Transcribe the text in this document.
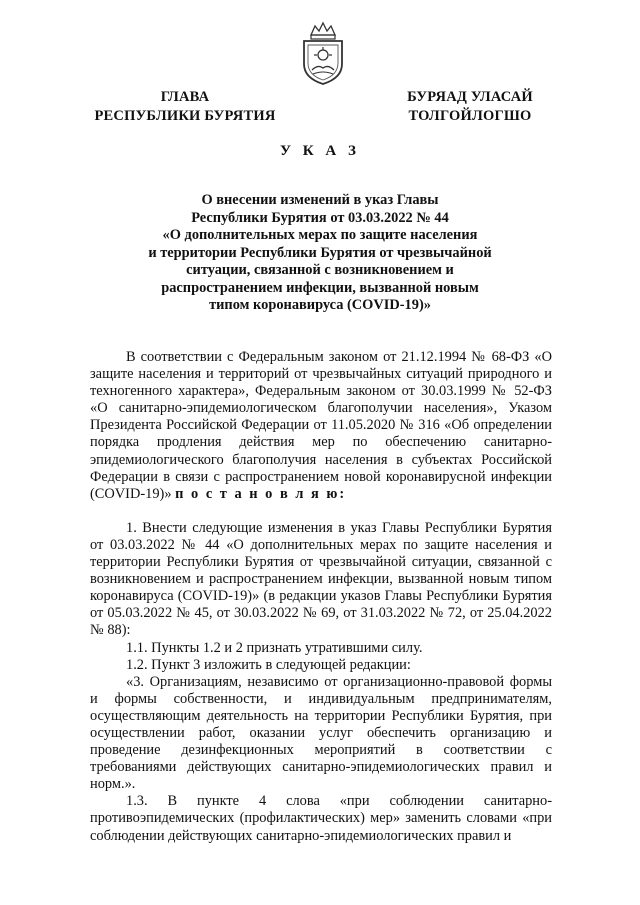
ГЛАВА
РЕСПУБЛИКИ БУРЯТИЯ
БУРЯАД УЛАСАЙ
ТОЛГОЙЛОГШО
У К А З
О внесении изменений в указ Главы
Республики Бурятия от 03.03.2022 № 44
«О дополнительных мерах по защите населения
и территории Республики Бурятия от чрезвычайной
ситуации, связанной с возникновением и
распространением инфекции, вызванной новым
типом коронавируса (COVID-19)»

В соответствии с Федеральным законом от 21.12.1994 № 68-ФЗ «О защите населения и территорий от чрезвычайных ситуаций природного и техногенного характера», Федеральным законом от 30.03.1999 № 52-ФЗ «О санитарно-эпидемиологическом благополучии населения», Указом Президента Российской Федерации от 11.05.2020 № 316 «Об определении порядка продления действия мер по обеспечению санитарно-эпидемиологического благополучия населения в субъектах Российской Федерации в связи с распространением новой коронавирусной инфекции (COVID-19)» п о с т а н о в л я ю:

1. Внести следующие изменения в указ Главы Республики Бурятия от 03.03.2022 № 44 «О дополнительных мерах по защите населения и территории Республики Бурятия от чрезвычайной ситуации, связанной с возникновением и распространением инфекции, вызванной новым типом коронавируса (COVID-19)» (в редакции указов Главы Республики Бурятия от 05.03.2022 № 45, от 30.03.2022 № 69, от 31.03.2022 № 72, от 25.04.2022 № 88):

1.1. Пункты 1.2 и 2 признать утратившими силу.

1.2. Пункт 3 изложить в следующей редакции:

«3. Организациям, независимо от организационно-правовой формы и формы собственности, и индивидуальным предпринимателям, осуществляющим деятельность на территории Республики Бурятия, при осуществлении работ, оказании услуг обеспечить организацию и проведение дезинфекционных мероприятий в соответствии с требованиями действующих санитарно-эпидемиологических правил и норм.».

1.3. В пункте 4 слова «при соблюдении санитарно-противоэпидемических (профилактических) мер» заменить словами «при соблюдении действующих санитарно-эпидемиологических правил и
